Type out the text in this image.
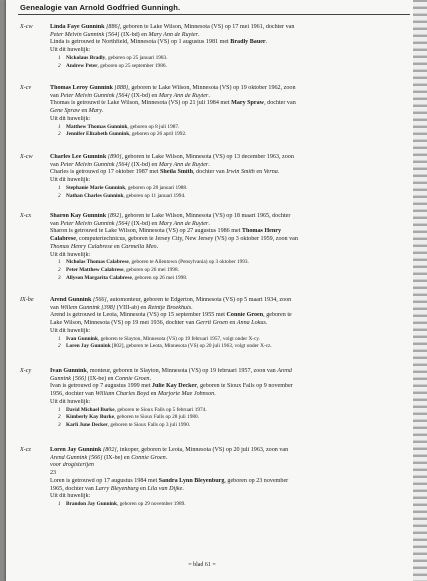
Genealogie van Arnold Godfried Gunningh.
X-cw	Linda Faye Gunnink [886], geboren te Lake Wilson, Minnesota (VS) op 17 mei 1961, dochter van
Peter Melvin Gunnink [564] (IX-bd) en Mary Ann de Ruyter.
Linda is getrouwd te Northfield, Minnesota (VS) op 1 augustus 1981 met Bradly Bauer.
Uit dit huwelijk:
1 Nickolaus Bradly, geboren op 25 januari 1983.
2 Andrew Peter, geboren op 25 september 1986.
X-cv	Thomas Leroy Gunnink [888], geboren te Lake Wilson, Minnesota (VS) op 19 oktober 1962, zoon
van Peter Melvin Gunnink [564] (IX-bd) en Mary Ann de Ruyter.
Thomas is getrouwd te Lake Wilson, Minnesota (VS) op 21 juli 1984 met Mary Spraw, dochter van
Gene Spraw en Mary.
Uit dit huwelijk:
1 Matthew Thomas Gunnink, geboren op 8 juli 1987.
2 Jennifer Elizabeth Gunnink, geboren op 26 april 1992.
X-cw	Charles Lee Gunnink [890], geboren te Lake Wilson, Minnesota (VS) op 13 december 1963, zoon
van Peter Melvin Gunnink [564] (IX-bd) en Mary Ann de Ruyter.
Charles is getrouwd op 17 oktober 1987 met Sheila Smith, dochter van Irwin Smith en Verna.
Uit dit huwelijk:
1 Stephanie Marie Gunnink, geboren op 28 januari 1988.
2 Nathan Charles Gunnink, geboren op 11 januari 1994.
X-cx	Sharon Kay Gunnink [892], geboren te Lake Wilson, Minnesota (VS) op 18 maart 1965, dochter
van Peter Melvin Gunnink [564] (IX-bd) en Mary Ann de Ruyter.
Sharon is getrouwd te Lake Wilson, Minnesota (VS) op 27 augustus 1986 met Thomas Henry
Calabrese, computertechnicus, geboren te Jersey City, New Jersey (VS) op 3 oktober 1959, zoon van
Thomas Henry Calabrese en Carmella Meo.
Uit dit huwelijk:
1 Nicholas Thomas Calabrese, geboren te Allentown (Pensylvania) op 3 oktober 1993.
2 Peter Matthew Calabrese, geboren op 26 mei 1998.
3 Allyson Margarita Calabrese, geboren op 26 mei 1998.
IX-be	Arend Gunnink [566], automonteur, geboren te Edgerton, Minnesota (VS) op 5 maart 1934, zoon
van Willem Gunnink [398] (VIII-ab) en Reintje Broekhuis.
Arend is getrouwd te Leota, Minnesota (VS) op 15 september 1955 met Connie Groen, geboren te
Lake Wilson, Minnesota (VS) op 19 mei 1936, dochter van Gerrit Groen en Anna Lokus.
Uit dit huwelijk:
1 Ivan Gunnink, geboren te Slayton, Minnesota (VS) op 19 februari 1957, volgt onder X-cy.
2 Loren Jay Gunnink [802], geboren te Leota, Minnesota (VS) op 20 juli 1963, volgt onder X-cz.
X-cy	Ivan Gunnink, monteur, geboren te Slayton, Minnesota (VS) op 19 februari 1957, zoon van Arend
Gunnink [566] (IX-be) en Connie Groen.
Ivan is getrouwd op 7 augustus 1999 met Julie Kay Decker, geboren te Sioux Falls op 9 november
1956, dochter van William Charles Boyd en Marjorie Mae Johnson.
Uit dit huwelijk:
1 David Michael Burke, geboren te Sioux Falls op 5 februari 1974.
2 Kimberly Kay Burke, geboren te Sioux Falls op 28 juli 1980.
3 Karli June Decker, geboren te Sioux Falls op 3 juli 1990.
X-cz	Loren Jay Gunnink [802], inkoper, geboren te Leota, Minnesota (VS) op 20 juli 1963, zoon van
Arend Gunnink [566] (IX-be) en Connie Groen.
voor drogisterijen
23
Loren is getrouwd op 17 augustus 1984 met Sandra Lynn Bleyenburg, geboren op 23 november
1965, dochter van Larry Bleyenburg en Lila van Dijke.
Uit dit huwelijk:
1 Brandon Jay Gunnink, geboren op 29 november 1989.
= blad 61 =
